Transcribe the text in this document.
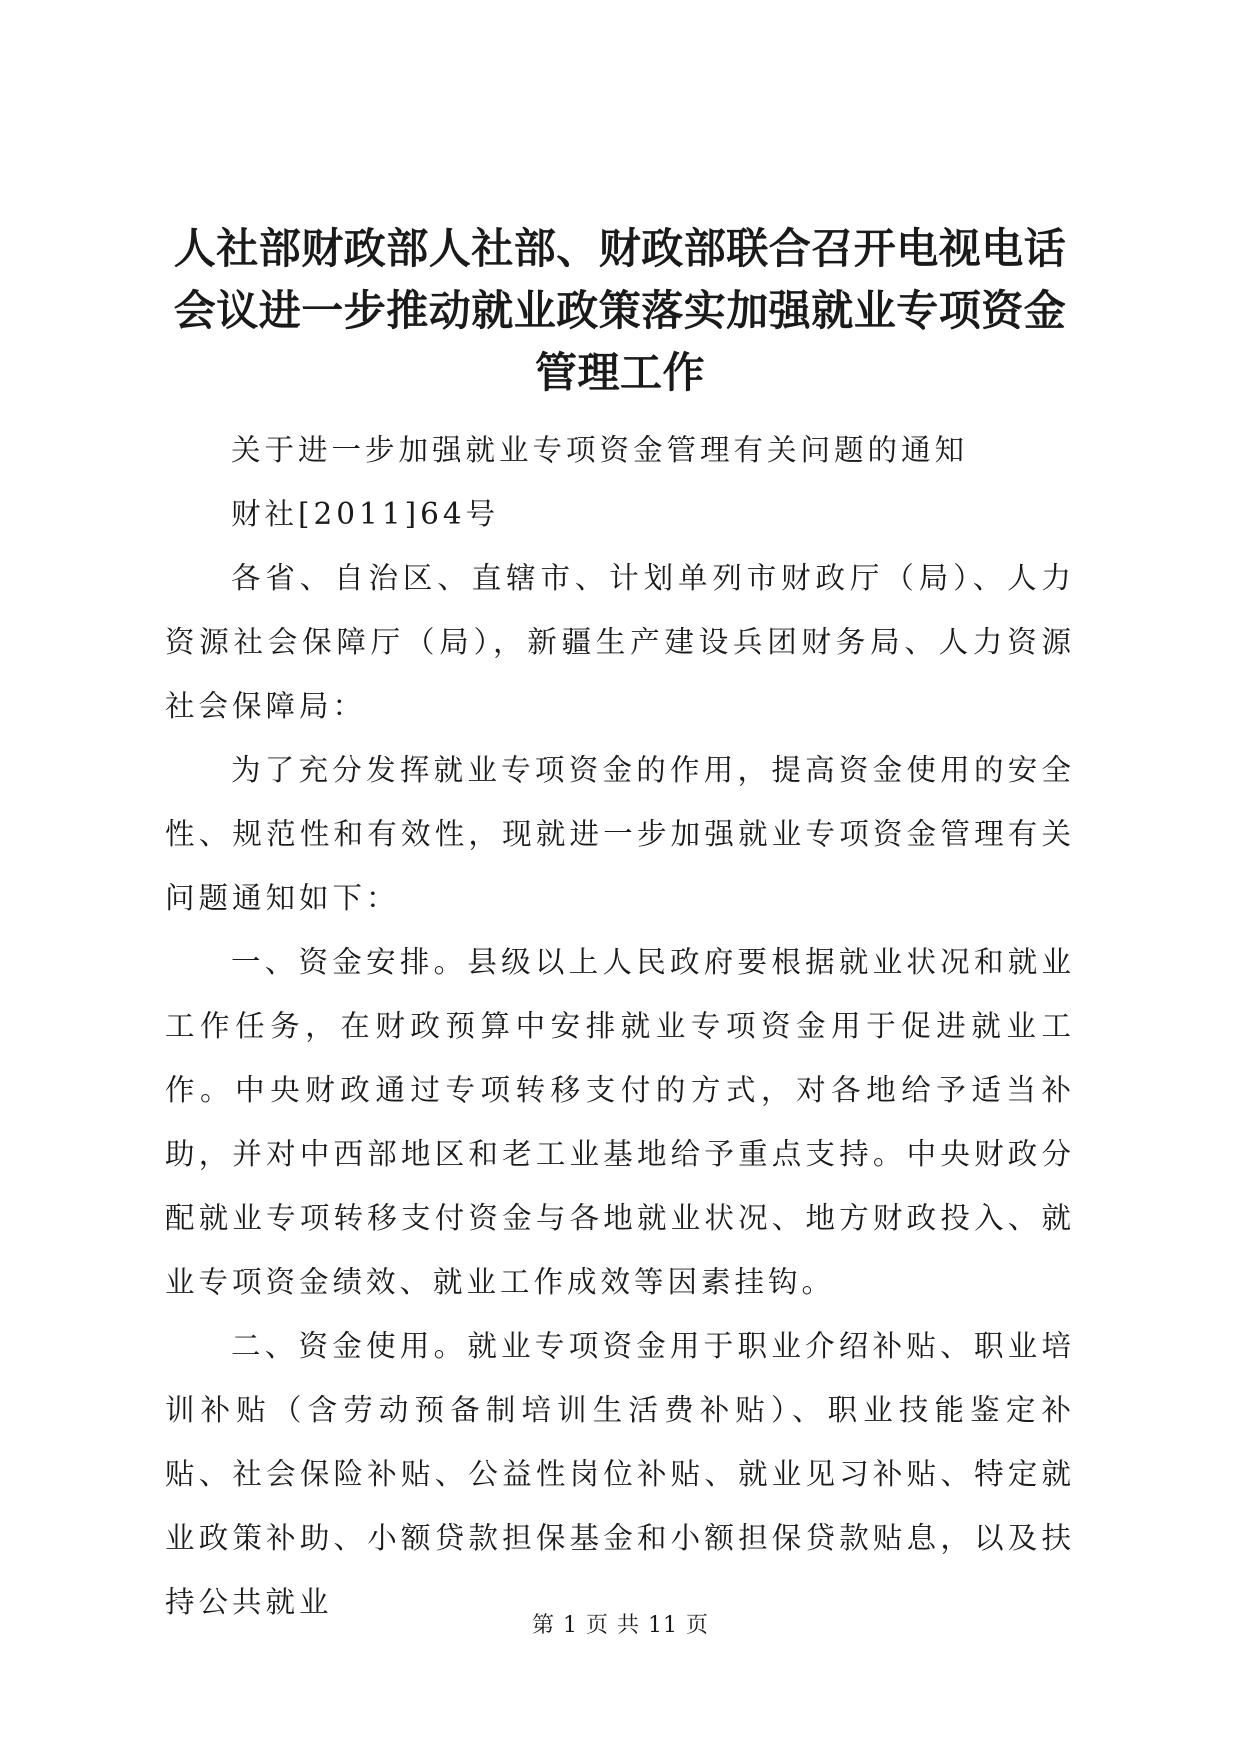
人社部财政部人社部、财政部联合召开电视电话会议进一步推动就业政策落实加强就业专项资金管理工作

关于进一步加强就业专项资金管理有关问题的通知

财社[2011]64号

各省、自治区、直辖市、计划单列市财政厅（局）、人力资源社会保障厅（局），新疆生产建设兵团财务局、人力资源社会保障局：

为了充分发挥就业专项资金的作用，提高资金使用的安全性、规范性和有效性，现就进一步加强就业专项资金管理有关问题通知如下：

一、资金安排。县级以上人民政府要根据就业状况和就业工作任务，在财政预算中安排就业专项资金用于促进就业工作。中央财政通过专项转移支付的方式，对各地给予适当补助，并对中西部地区和老工业基地给予重点支持。中央财政分配就业专项转移支付资金与各地就业状况、地方财政投入、就业专项资金绩效、就业工作成效等因素挂钩。

二、资金使用。就业专项资金用于职业介绍补贴、职业培训补贴（含劳动预备制培训生活费补贴）、职业技能鉴定补贴、社会保险补贴、公益性岗位补贴、就业见习补贴、特定就业政策补助、小额贷款担保基金和小额担保贷款贴息，以及扶持公共就业

第 1 页 共 11 页
